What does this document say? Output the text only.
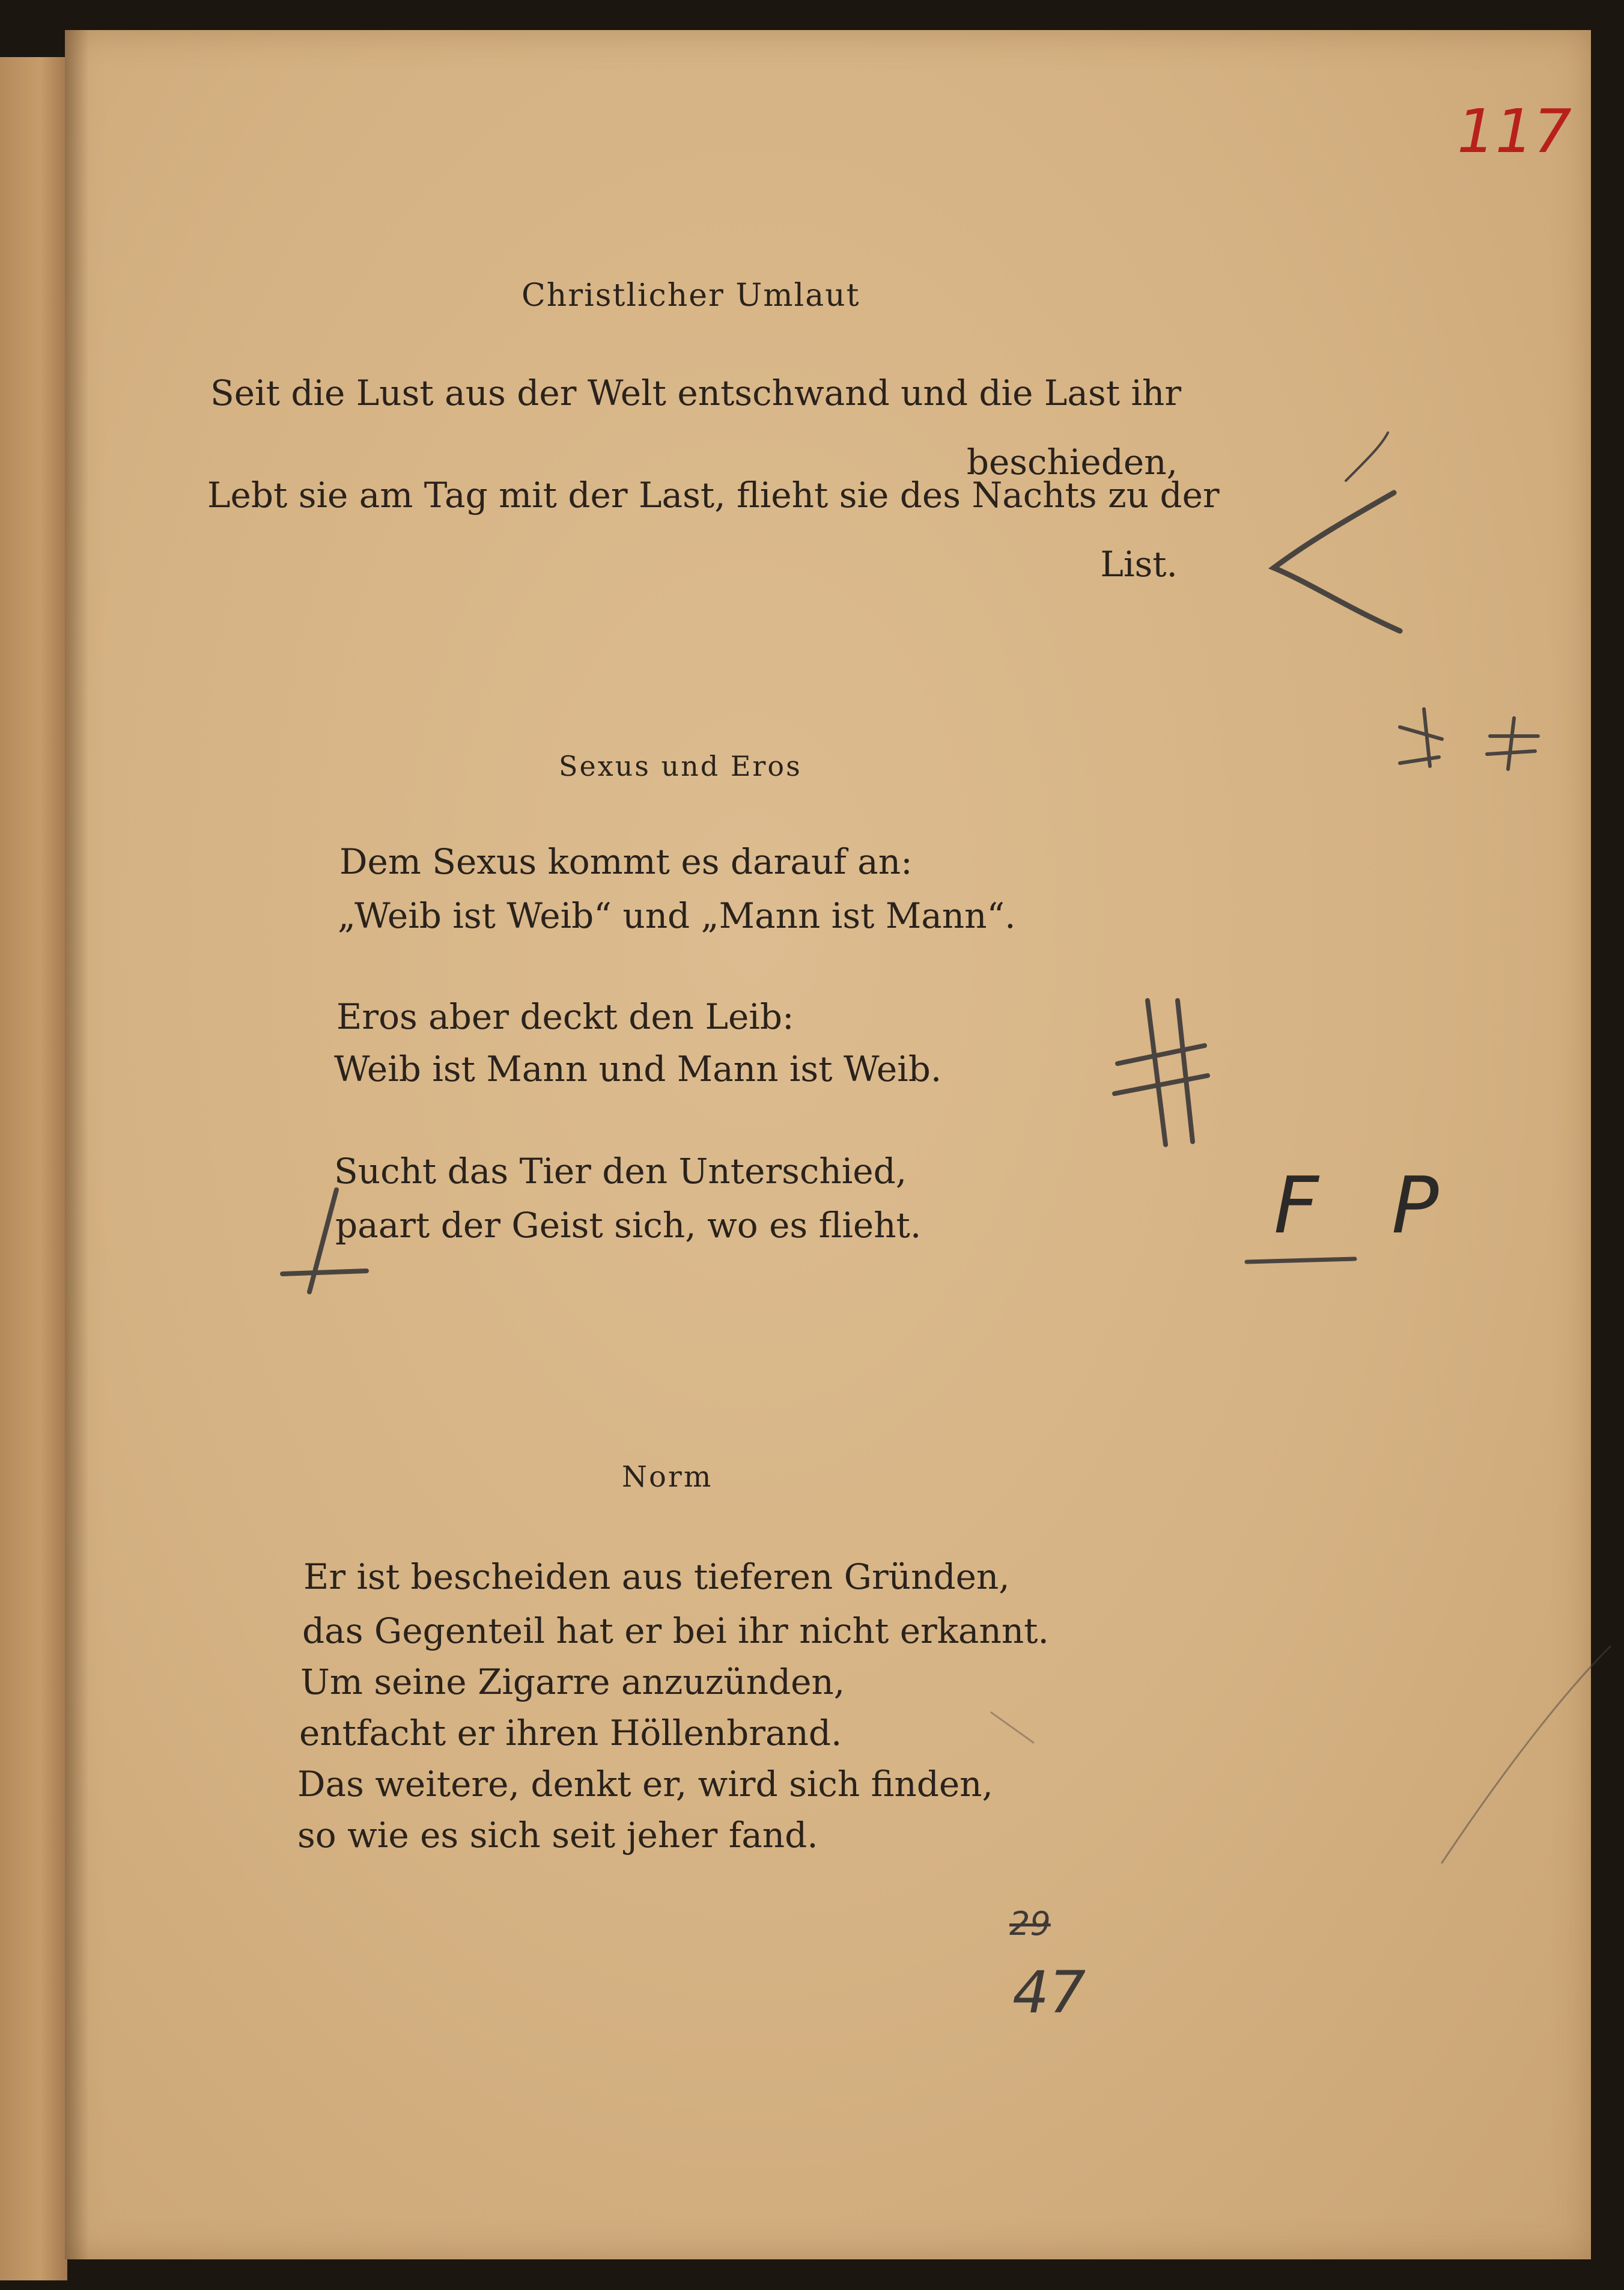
117
Christlicher Umlaut
Seit die Lust aus der Welt entschwand und die Last ihr
beschieden,
Lebt sie am Tag mit der Last, flieht sie des Nachts zu der
List.
Sexus und Eros
Dem Sexus kommt es darauf an:
„Weib ist Weib“ und „Mann ist Mann“.
Eros aber deckt den Leib:
Weib ist Mann und Mann ist Weib.
Sucht das Tier den Unterschied,
paart der Geist sich, wo es flieht.
Norm
Er ist bescheiden aus tieferen Gründen,
das Gegenteil hat er bei ihr nicht erkannt.
Um seine Zigarre anzuzünden,
entfacht er ihren Höllenbrand.
Das weitere, denkt er, wird sich finden,
so wie es sich seit jeher fand.
29
47
F P
